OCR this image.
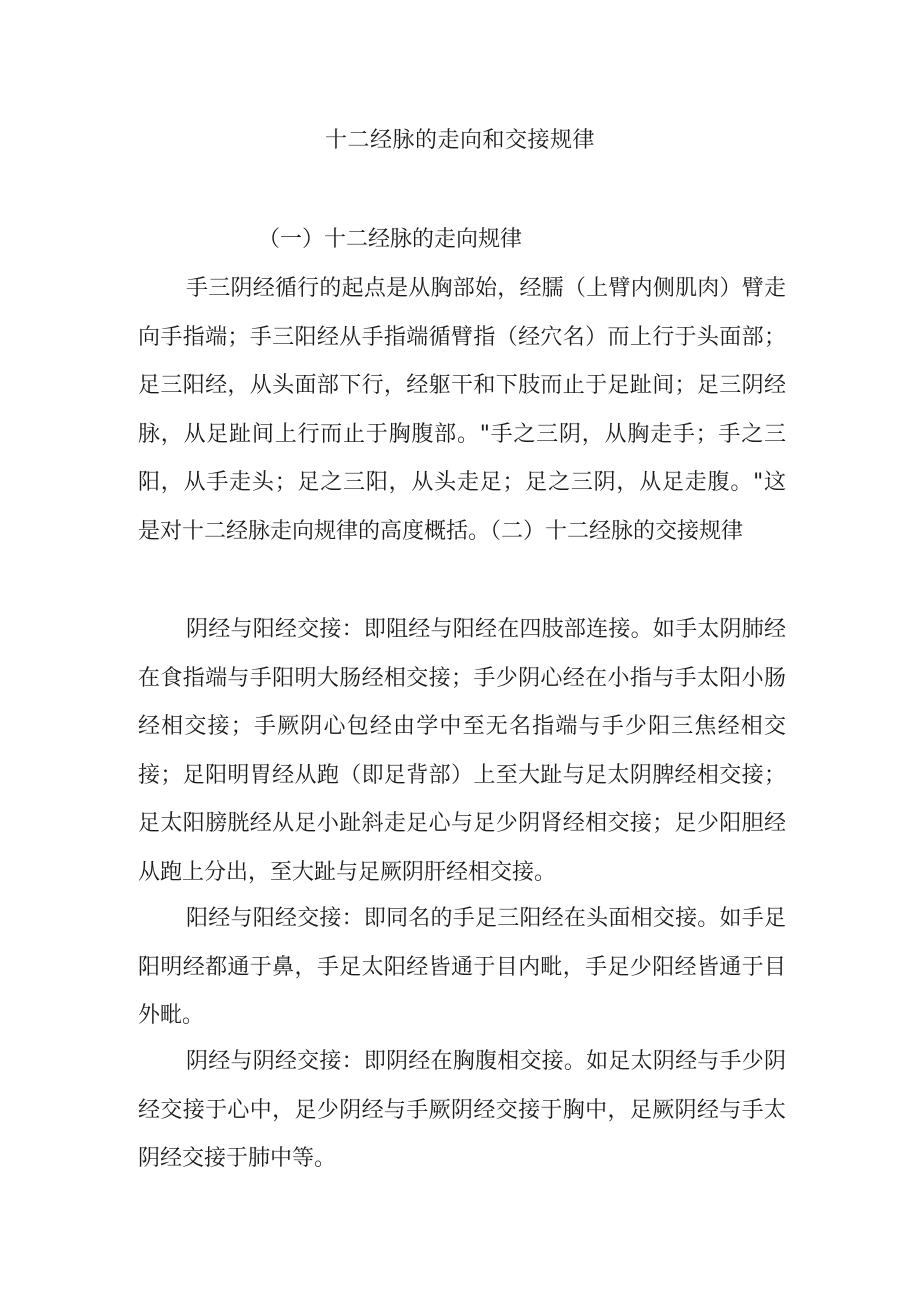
十二经脉的走向和交接规律
（一）十二经脉的走向规律

手三阴经循行的起点是从胸部始，经臑（上臂内侧肌肉）臂走向手指端；手三阳经从手指端循臂指（经穴名）而上行于头面部；足三阳经，从头面部下行，经躯干和下肢而止于足趾间；足三阴经脉，从足趾间上行而止于胸腹部。"手之三阴，从胸走手；手之三阳，从手走头；足之三阳，从头走足；足之三阴，从足走腹。"这是对十二经脉走向规律的高度概括。（二）十二经脉的交接规律

阴经与阳经交接：即阻经与阳经在四肢部连接。如手太阴肺经在食指端与手阳明大肠经相交接；手少阴心经在小指与手太阳小肠经相交接；手厥阴心包经由学中至无名指端与手少阳三焦经相交接；足阳明胃经从跑（即足背部）上至大趾与足太阴脾经相交接；足太阳膀胱经从足小趾斜走足心与足少阴肾经相交接；足少阳胆经从跑上分出，至大趾与足厥阴肝经相交接。

阳经与阳经交接：即同名的手足三阳经在头面相交接。如手足阳明经都通于鼻，手足太阳经皆通于目内毗，手足少阳经皆通于目外毗。

阴经与阴经交接：即阴经在胸腹相交接。如足太阴经与手少阴经交接于心中，足少阴经与手厥阴经交接于胸中，足厥阴经与手太阴经交接于肺中等。
